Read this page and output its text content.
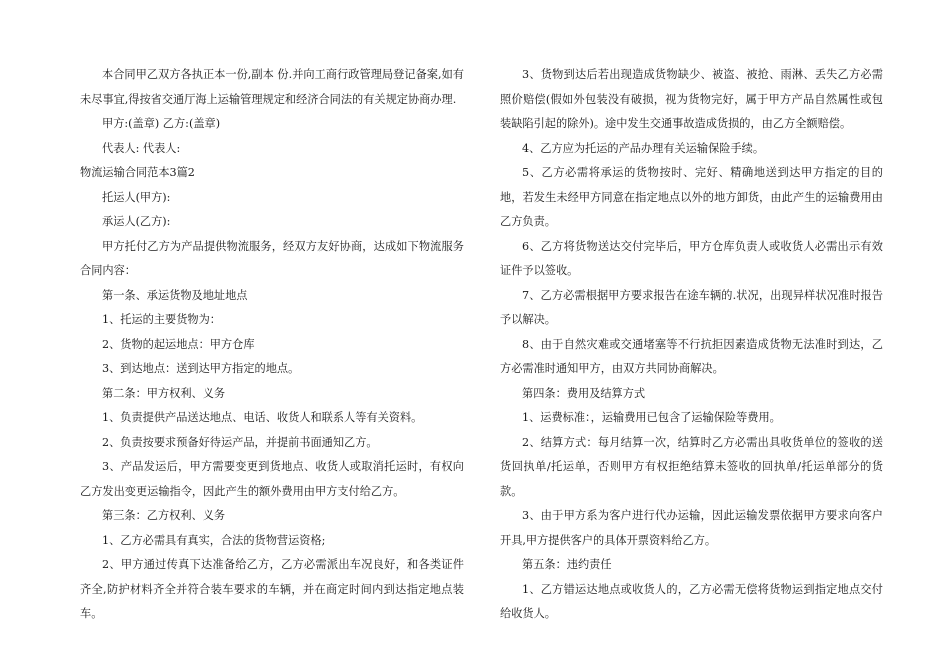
本合同甲乙双方各执正本一份,副本 份.并向工商行政管理局登记备案,如有未尽事宜,得按省交通厅海上运输管理规定和经济合同法的有关规定协商办理.

甲方:(盖章) 乙方:(盖章)

代表人: 代表人:

物流运输合同范本3篇2

托运人(甲方):

承运人(乙方):

甲方托付乙方为产品提供物流服务，经双方友好协商，达成如下物流服务合同内容：

第一条、承运货物及地址地点

1、托运的主要货物为：

2、货物的起运地点：甲方仓库

3、到达地点：送到达甲方指定的地点。

第二条：甲方权利、义务

1、负责提供产品送达地点、电话、收货人和联系人等有关资料。

2、负责按要求预备好待运产品，并提前书面通知乙方。

3、产品发运后，甲方需要变更到货地点、收货人或取消托运时，有权向乙方发出变更运输指令，因此产生的额外费用由甲方支付给乙方。

第三条：乙方权利、义务

1、乙方必需具有真实，合法的货物营运资格;

2、甲方通过传真下达准备给乙方，乙方必需派出车况良好，和各类证件齐全,防护材料齐全并符合装车要求的车辆，并在商定时间内到达指定地点装车。

3、货物到达后若出现造成货物缺少、被盗、被抢、雨淋、丢失乙方必需照价赔偿(假如外包装没有破损，视为货物完好，属于甲方产品自然属性或包装缺陷引起的除外)。途中发生交通事故造成货损的，由乙方全额赔偿。

4、乙方应为托运的产品办理有关运输保险手续。

5、乙方必需将承运的货物按时、完好、精确地送到达甲方指定的目的地，若发生未经甲方同意在指定地点以外的地方卸货，由此产生的运输费用由乙方负责。

6、乙方将货物送达交付完毕后，甲方仓库负责人或收货人必需出示有效证件予以签收。

7、乙方必需根据甲方要求报告在途车辆的.状况，出现异样状况准时报告予以解决。

8、由于自然灾难或交通堵塞等不行抗拒因素造成货物无法准时到达，乙方必需准时通知甲方，由双方共同协商解决。

第四条：费用及结算方式

1、运费标准：，运输费用已包含了运输保险等费用。

2、结算方式：每月结算一次，结算时乙方必需出具收货单位的签收的送货回执单/托运单，否则甲方有权拒绝结算未签收的回执单/托运单部分的货款。

3、由于甲方系为客户进行代办运输，因此运输发票依据甲方要求向客户开具,甲方提供客户的具体开票资料给乙方。

第五条：违约责任

1、乙方错运达地点或收货人的，乙方必需无偿将货物运到指定地点交付给收货人。
